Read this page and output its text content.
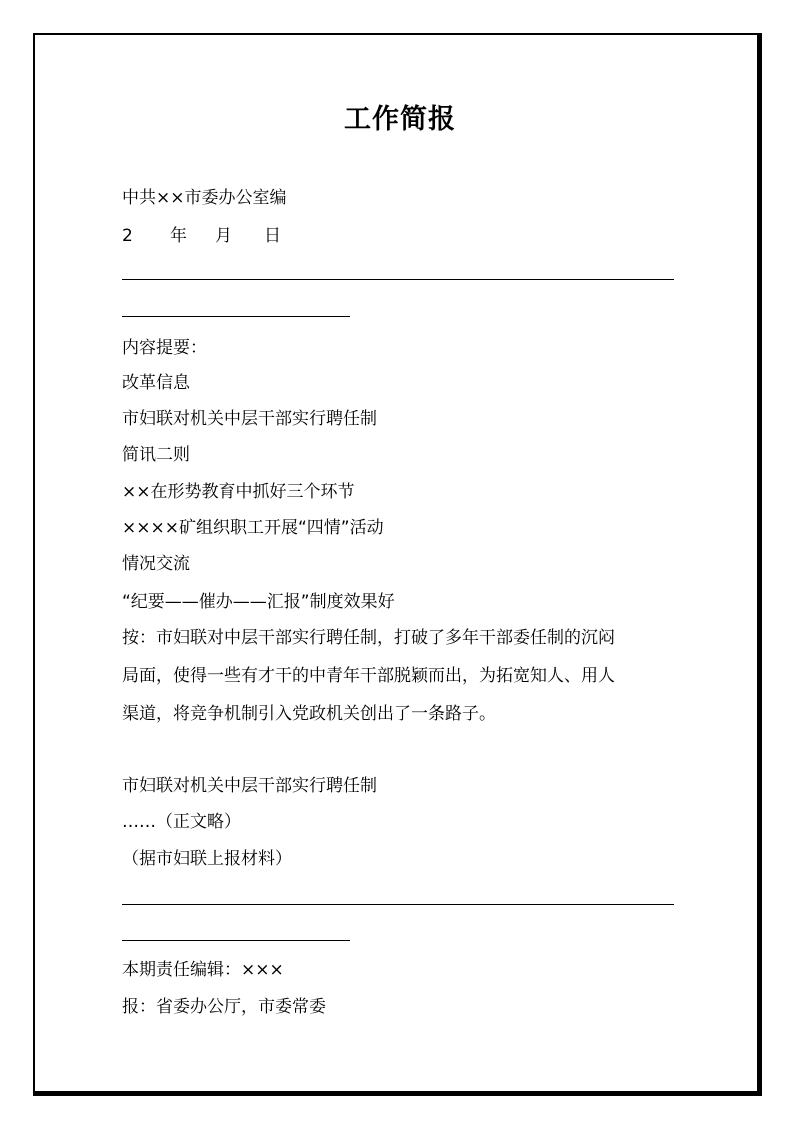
工作简报
中共××市委办公室编
2 年 月 日
内容提要：
改革信息
市妇联对机关中层干部实行聘任制
简讯二则
××在形势教育中抓好三个环节
××××矿组织职工开展“四情”活动
情况交流
“纪要——催办——汇报”制度效果好
按：市妇联对中层干部实行聘任制，打破了多年干部委任制的沉闷
局面，使得一些有才干的中青年干部脱颖而出，为拓宽知人、用人
渠道，将竞争机制引入党政机关创出了一条路子。
市妇联对机关中层干部实行聘任制
……（正文略）
（据市妇联上报材料）
本期责任编辑：×××
报：省委办公厅，市委常委
